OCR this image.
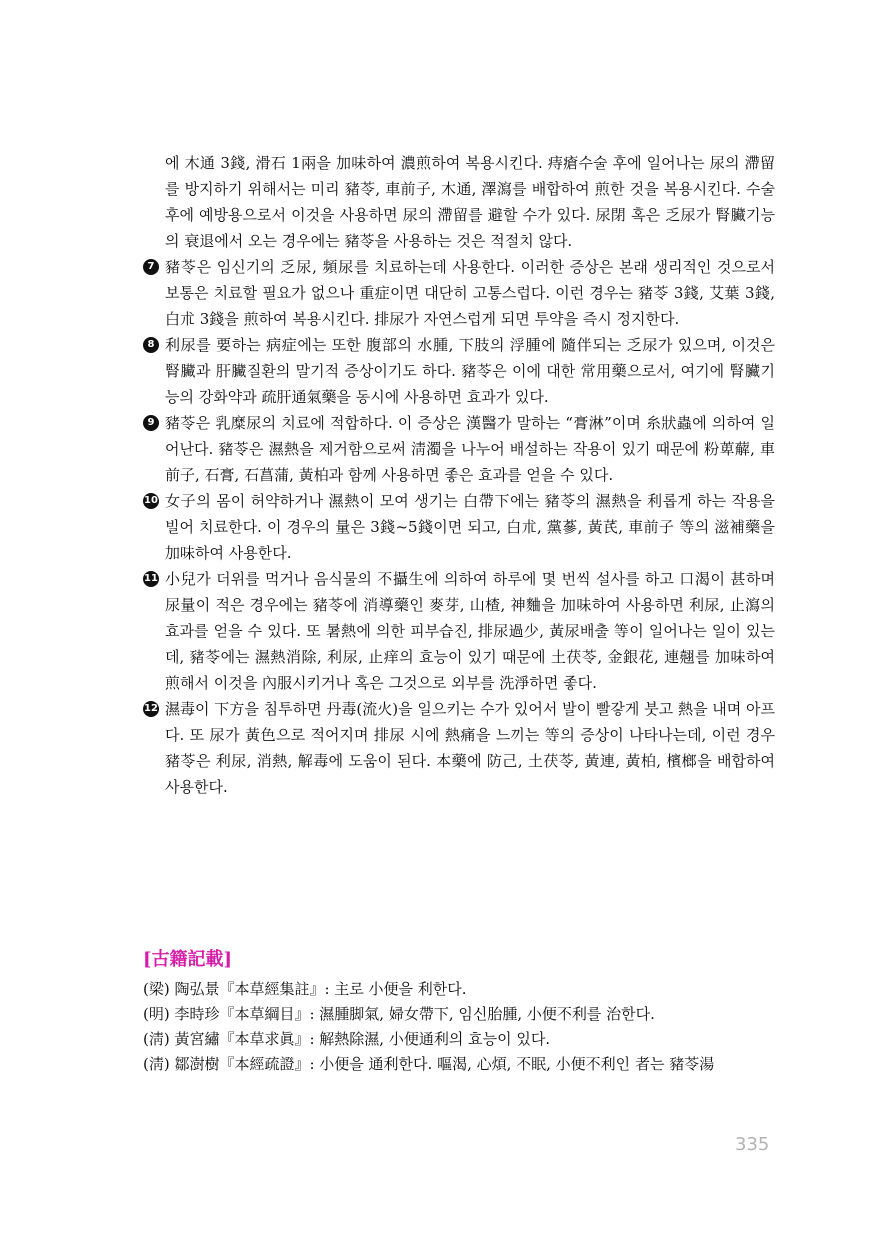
에 木通 3錢, 滑石 1兩을 加味하여 濃煎하여 복용시킨다. 痔瘡수술 후에 일어나는 尿의 滯留를 방지하기 위해서는 미리 豬苓, 車前子, 木通, 澤瀉를 배합하여 煎한 것을 복용시킨다. 수술 후에 예방용으로서 이것을 사용하면 尿의 滯留를 避할 수가 있다. 尿閉 혹은 乏尿가 腎臟기능의 衰退에서 오는 경우에는 豬苓을 사용하는 것은 적절치 않다.
7 豬苓은 임신기의 乏尿, 頻尿를 치료하는데 사용한다. 이러한 증상은 본래 생리적인 것으로서 보통은 치료할 필요가 없으나 重症이면 대단히 고통스럽다. 이런 경우는 豬苓 3錢, 艾葉 3錢, 白朮 3錢을 煎하여 복용시킨다. 排尿가 자연스럽게 되면 투약을 즉시 정지한다.
8 利尿를 要하는 病症에는 또한 腹部의 水腫, 下肢의 浮腫에 隨伴되는 乏尿가 있으며, 이것은 腎臟과 肝臟질환의 말기적 증상이기도 하다. 豬苓은 이에 대한 常用藥으로서, 여기에 腎臟기능의 강화약과 疏肝通氣藥을 동시에 사용하면 효과가 있다.
9 豬苓은 乳糜尿의 치료에 적합하다. 이 증상은 漢醫가 말하는 “膏淋”이며 糸狀蟲에 의하여 일어난다. 豬苓은 濕熱을 제거함으로써 淸濁을 나누어 배설하는 작용이 있기 때문에 粉萆薢, 車前子, 石膏, 石菖蒲, 黃柏과 함께 사용하면 좋은 효과를 얻을 수 있다.
10 女子의 몸이 허약하거나 濕熱이 모여 생기는 白帶下에는 豬苓의 濕熱을 利롭게 하는 작용을 빌어 치료한다. 이 경우의 量은 3錢~5錢이면 되고, 白朮, 黨蔘, 黃芪, 車前子 等의 滋補藥을 加味하여 사용한다.
11 小兒가 더위를 먹거나 음식물의 不攝生에 의하여 하루에 몇 번씩 설사를 하고 口渴이 甚하며 尿量이 적은 경우에는 豬苓에 消導藥인 麥芽, 山楂, 神麯을 加味하여 사용하면 利尿, 止瀉의 효과를 얻을 수 있다. 또 暑熱에 의한 피부습진, 排尿過少, 黃尿배출 等이 일어나는 일이 있는데, 豬苓에는 濕熱消除, 利尿, 止痒의 효능이 있기 때문에 土茯苓, 金銀花, 連翹를 加味하여 煎해서 이것을 內服시키거나 혹은 그것으로 외부를 洗淨하면 좋다.
12 濕毒이 下方을 침투하면 丹毒(流火)을 일으키는 수가 있어서 발이 빨갛게 붓고 熱을 내며 아프다. 또 尿가 黃色으로 적어지며 排尿 시에 熱痛을 느끼는 等의 증상이 나타나는데, 이런 경우 豬苓은 利尿, 消熱, 解毒에 도움이 된다. 本藥에 防己, 土茯苓, 黃連, 黃柏, 檳榔을 배합하여 사용한다.
[古籍記載]
(梁) 陶弘景『本草經集註』: 主로 小便을 利한다.
(明) 李時珍『本草綱目』: 濕腫脚氣, 婦女帶下, 임신胎腫, 小便不利를 治한다.
(淸) 黃宮繡『本草求眞』: 解熱除濕, 小便通利의 효능이 있다.
(淸) 鄒澍樹『本經疏證』: 小便을 通利한다. 嘔渴, 心煩, 不眠, 小便不利인 者는 豬苓湯
335
